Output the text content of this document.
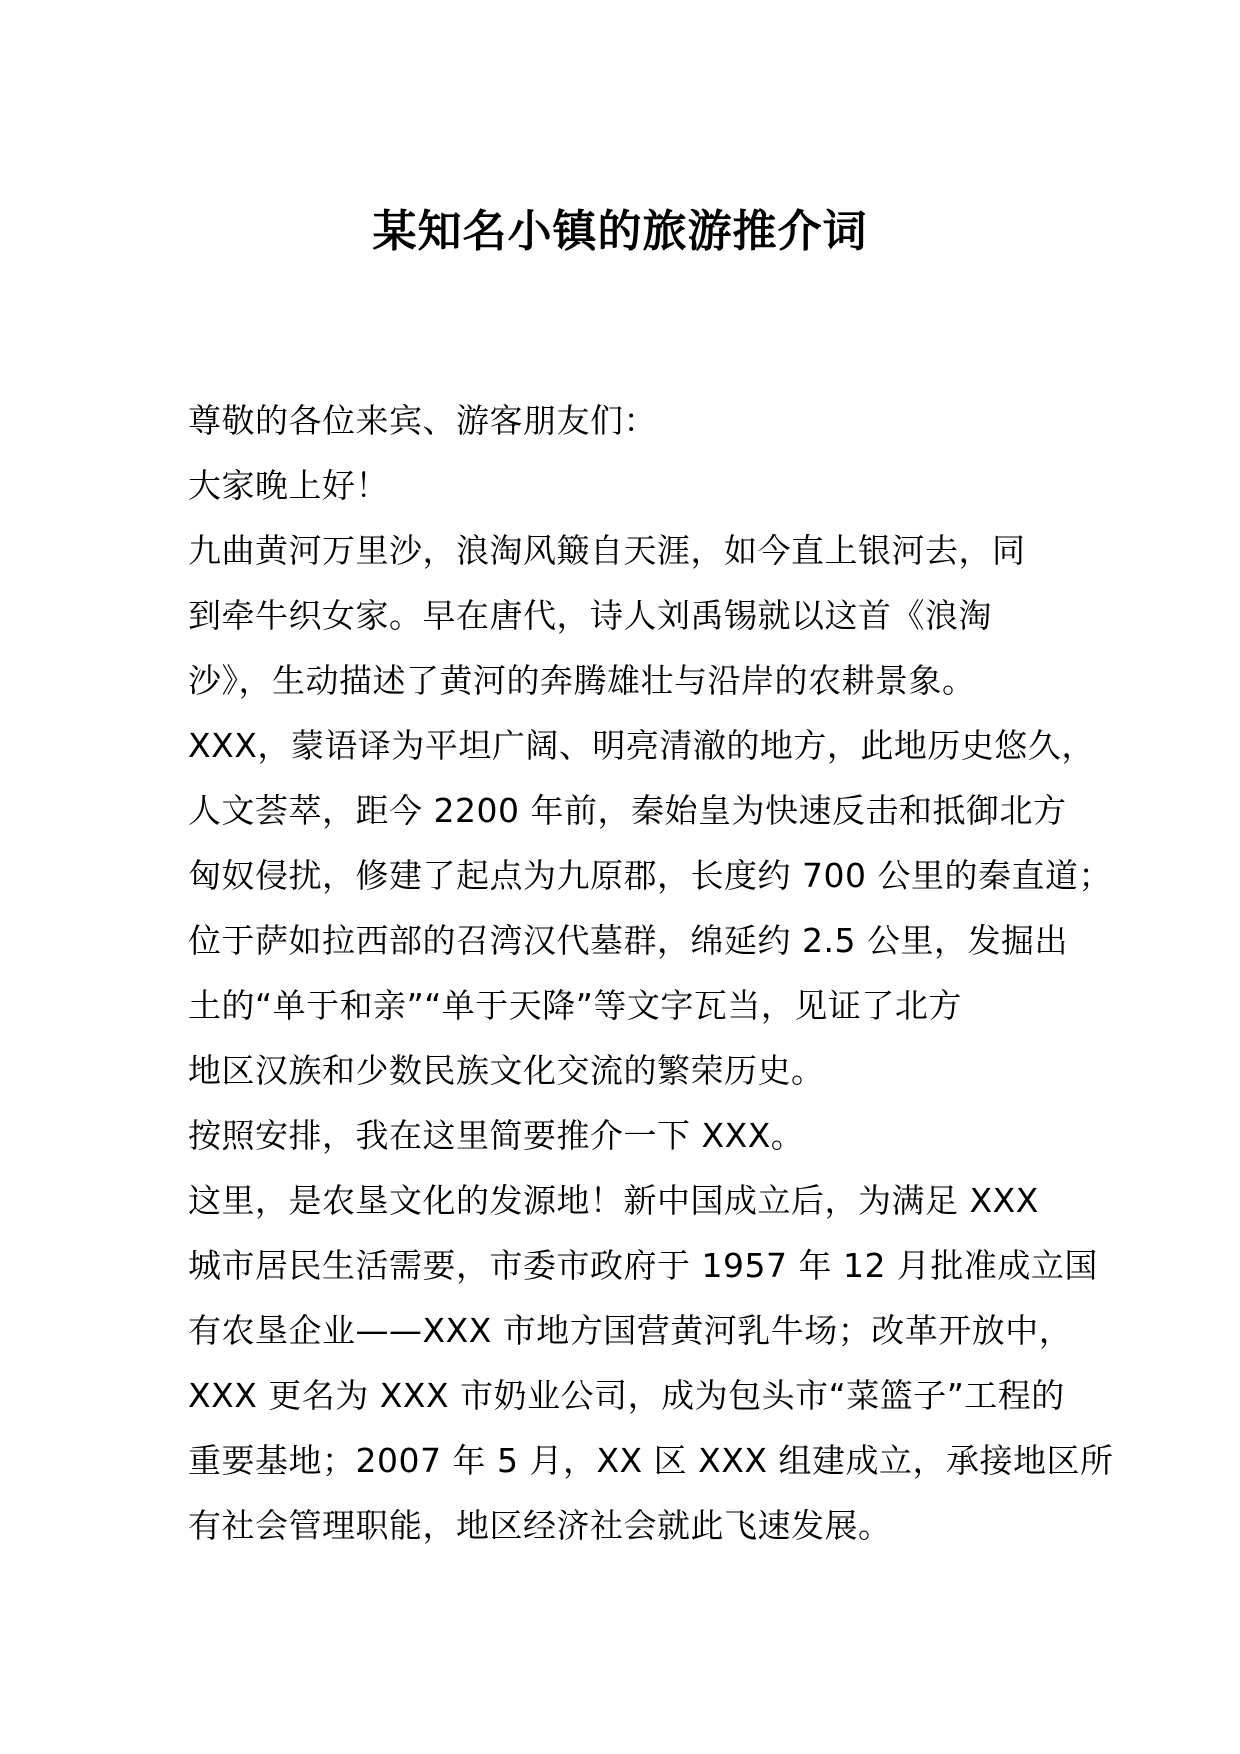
某知名小镇的旅游推介词
尊敬的各位来宾、游客朋友们：
大家晚上好！
九曲黄河万里沙，浪淘风簸自天涯，如今直上银河去，同
到牵牛织女家。早在唐代，诗人刘禹锡就以这首《浪淘
沙》，生动描述了黄河的奔腾雄壮与沿岸的农耕景象。
XXX，蒙语译为平坦广阔、明亮清澈的地方，此地历史悠久，
人文荟萃，距今 2200 年前，秦始皇为快速反击和抵御北方
匈奴侵扰，修建了起点为九原郡，长度约 700 公里的秦直道；
位于萨如拉西部的召湾汉代墓群，绵延约 2.5 公里，发掘出
土的“单于和亲”“单于天降”等文字瓦当，见证了北方
地区汉族和少数民族文化交流的繁荣历史。
按照安排，我在这里简要推介一下 XXX。
这里，是农垦文化的发源地！新中国成立后，为满足 XXX
城市居民生活需要，市委市政府于 1957 年 12 月批准成立国
有农垦企业——XXX 市地方国营黄河乳牛场；改革开放中，
XXX 更名为 XXX 市奶业公司，成为包头市“菜篮子”工程的
重要基地；2007 年 5 月，XX 区 XXX 组建成立，承接地区所
有社会管理职能，地区经济社会就此飞速发展。
